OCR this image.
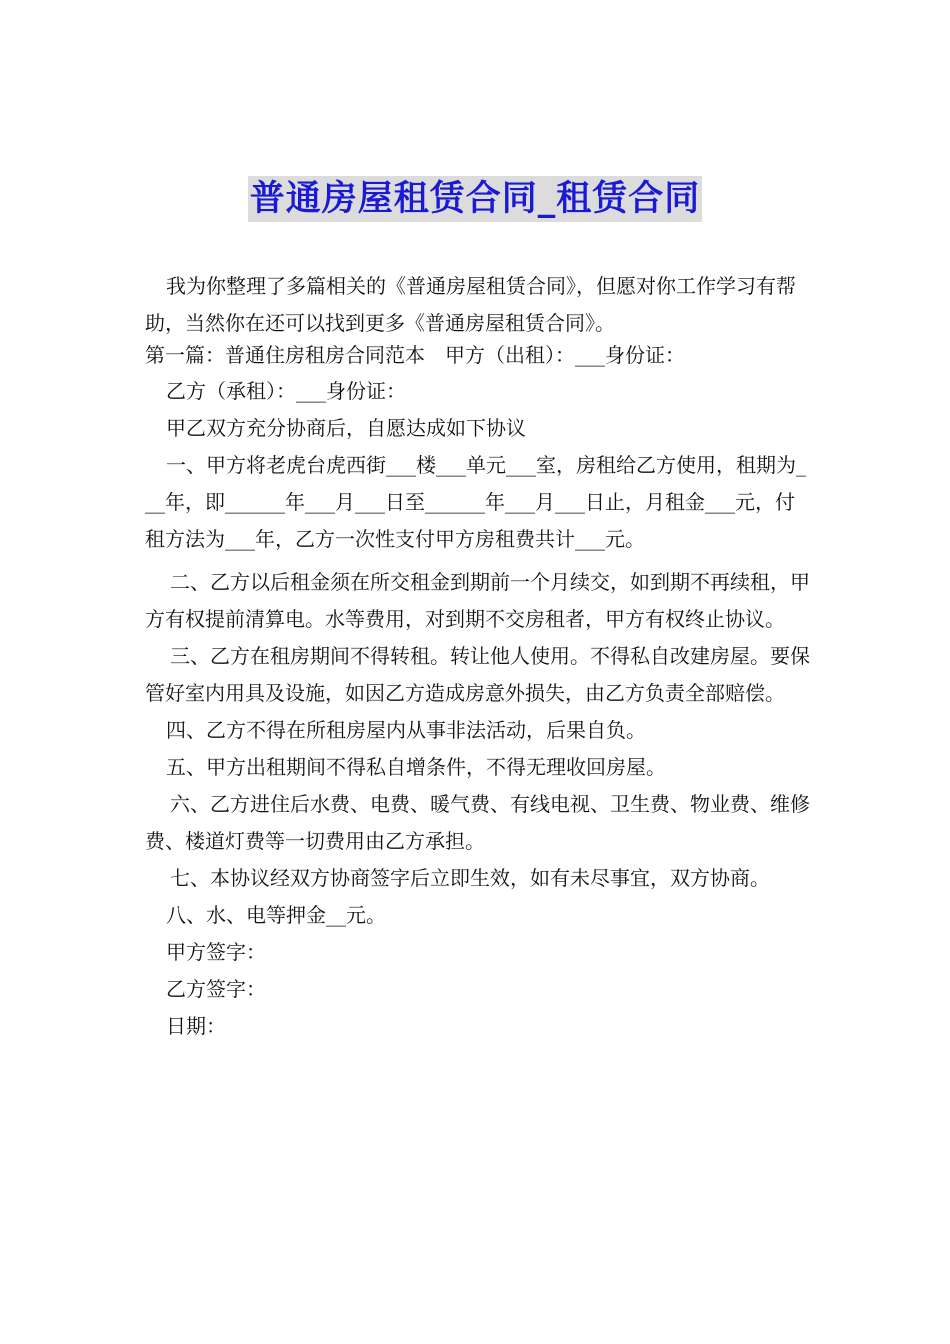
普通房屋租赁合同_租赁合同

我为你整理了多篇相关的《普通房屋租赁合同》，但愿对你工作学习有帮助，当然你在还可以找到更多《普通房屋租赁合同》。

第一篇：普通住房租房合同范本　甲方（出租）：___身份证：

乙方（承租）：___身份证：

甲乙双方充分协商后，自愿达成如下协议

一、甲方将老虎台虎西街___楼___单元___室，房租给乙方使用，租期为___年，即______年___月___日至______年___月___日止，月租金___元，付租方法为___年，乙方一次性支付甲方房租费共计___元。

二、乙方以后租金须在所交租金到期前一个月续交，如到期不再续租，甲方有权提前清算电。水等费用，对到期不交房租者，甲方有权终止协议。

三、乙方在租房期间不得转租。转让他人使用。不得私自改建房屋。要保管好室内用具及设施，如因乙方造成房意外损失，由乙方负责全部赔偿。

四、乙方不得在所租房屋内从事非法活动，后果自负。

五、甲方出租期间不得私自增条件，不得无理收回房屋。

六、乙方进住后水费、电费、暖气费、有线电视、卫生费、物业费、维修费、楼道灯费等一切费用由乙方承担。

七、本协议经双方协商签字后立即生效，如有未尽事宜，双方协商。

八、水、电等押金__元。

甲方签字：

乙方签字：

日期：
